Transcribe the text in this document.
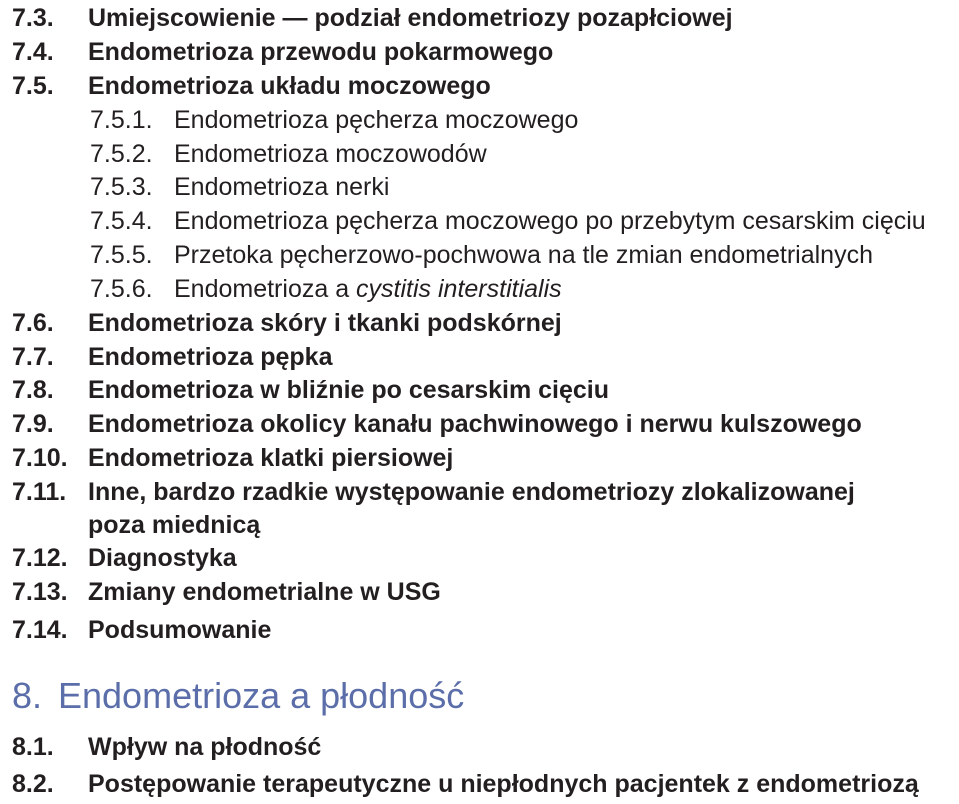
7.3. Umiejscowienie — podział endometriozy pozapłciowej
7.4. Endometrioza przewodu pokarmowego
7.5. Endometrioza układu moczowego
7.5.1. Endometrioza pęcherza moczowego
7.5.2. Endometrioza moczowodów
7.5.3. Endometrioza nerki
7.5.4. Endometrioza pęcherza moczowego po przebytym cesarskim cięciu
7.5.5. Przetoka pęcherzowo-pochwowa na tle zmian endometrialnych
7.5.6. Endometrioza a cystitis interstitialis
7.6. Endometrioza skóry i tkanki podskórnej
7.7. Endometrioza pępka
7.8. Endometrioza w bliźnie po cesarskim cięciu
7.9. Endometrioza okolicy kanału pachwinowego i nerwu kulszowego
7.10. Endometrioza klatki piersiowej
7.11. Inne, bardzo rzadkie występowanie endometriozy zlokalizowanej
poza miednicą
7.12. Diagnostyka
7.13. Zmiany endometrialne w USG
7.14. Podsumowanie
8. Endometrioza a płodność
8.1. Wpływ na płodność
8.2. Postępowanie terapeutyczne u niepłodnych pacjentek z endometriozą
